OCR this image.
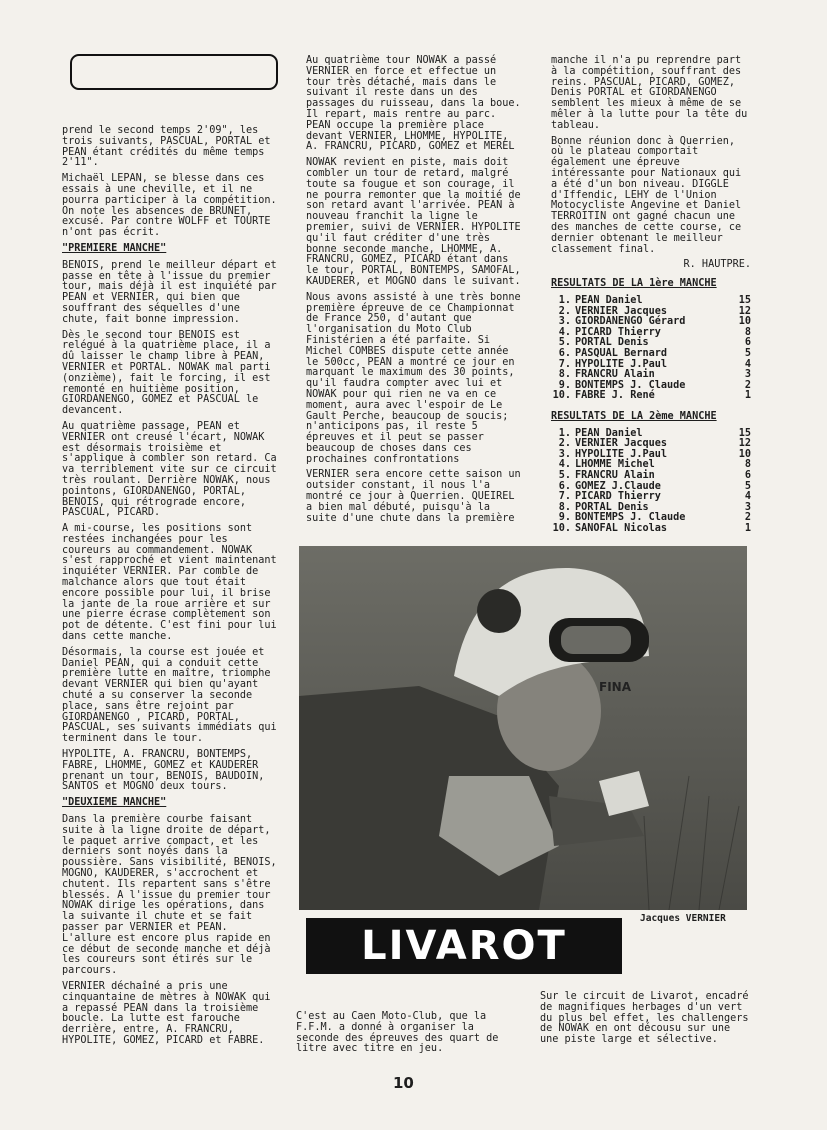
prend le second temps 2'09", les trois suivants, PASCUAL, PORTAL et PEAN étant crédités du même temps 2'11".

Michaël LEPAN, se blesse dans ces essais à une cheville, et il ne pourra participer à la compétition. On note les absences de BRUNET, excusé. Par contre WOLFF et TOURTE n'ont pas écrit.

"PREMIERE MANCHE"

BENOIS, prend le meilleur départ et passe en tête à l'issue du premier tour, mais déjà il est inquiété par PEAN et VERNIER, qui bien que souffrant des séquelles d'une chute, fait bonne impression.

Dès le second tour BENOIS est relégué à la quatrième place, il a dû laisser le champ libre à PEAN, VERNIER et PORTAL. NOWAK mal parti (onzième), fait le forcing, il est remonté en huitième position, GIORDANENGO, GOMEZ et PASCUAL le devancent.

Au quatrième passage, PEAN et VERNIER ont creusé l'écart, NOWAK est désormais troisième et s'applique à combler son retard. Ca va terriblement vite sur ce circuit très roulant. Derrière NOWAK, nous pointons, GIORDANENGO, PORTAL, BENOIS, qui rétrograde encore, PASCUAL, PICARD.

A mi-course, les positions sont restées inchangées pour les coureurs au commandement. NOWAK s'est rapproché et vient maintenant inquiéter VERNIER. Par comble de malchance alors que tout était encore possible pour lui, il brise la jante de la roue arrière et sur une pierre écrase complètement son pot de détente. C'est fini pour lui dans cette manche.

Désormais, la course est jouée et Daniel PEAN, qui a conduit cette première lutte en maître, triomphe devant VERNIER qui bien qu'ayant chuté a su conserver la seconde place, sans être rejoint par GIORDANENGO , PICARD, PORTAL, PASCUAL, ses suivants immédiats qui terminent dans le tour.

HYPOLITE, A. FRANCRU, BONTEMPS, FABRE, LHOMME, GOMEZ et KAUDERER prenant un tour, BENOIS, BAUDOIN, SANTOS et MOGNO deux tours.

"DEUXIEME MANCHE"

Dans la première courbe faisant suite à la ligne droite de départ, le paquet arrive compact, et les derniers sont noyés dans la poussière. Sans visibilité, BENOIS, MOGNO, KAUDERER, s'accrochent et chutent. Ils repartent sans s'être blessés. A l'issue du premier tour NOWAK dirige les opérations, dans la suivante il chute et se fait passer par VERNIER et PEAN. L'allure est encore plus rapide en ce début de seconde manche et déjà les coureurs sont étirés sur le parcours.

VERNIER déchaîné a pris une cinquantaine de mètres à NOWAK qui a repassé PEAN dans la troisième boucle. La lutte est farouche derrière, entre, A. FRANCRU, HYPOLITE, GOMEZ, PICARD et FABRE.

Au quatrième tour NOWAK a passé VERNIER en force et effectue un tour très détaché, mais dans le suivant il reste dans un des passages du ruisseau, dans la boue. Il repart, mais rentre au parc. PEAN occupe la première place devant VERNIER, LHOMME, HYPOLITE, A. FRANCRU, PICARD, GOMEZ et MEREL

NOWAK revient en piste, mais doit combler un tour de retard, malgré toute sa fougue et son courage, il ne pourra remonter que la moitié de son retard avant l'arrivée. PEAN à nouveau franchit la ligne le premier, suivi de VERNIER. HYPOLITE qu'il faut créditer d'une très bonne seconde manche, LHOMME, A. FRANCRU, GOMEZ, PICARD étant dans le tour, PORTAL, BONTEMPS, SAMOFAL, KAUDERER, et MOGNO dans le suivant.

Nous avons assisté à une très bonne première épreuve de ce Championnat de France 250, d'autant que l'organisation du Moto Club Finistérien a été parfaite. Si Michel COMBES dispute cette année le 500cc, PEAN a montré ce jour en marquant le maximum des 30 points, qu'il faudra compter avec lui et NOWAK pour qui rien ne va en ce moment, aura avec l'espoir de Le Gault Perche, beaucoup de soucis; n'anticipons pas, il reste 5 épreuves et il peut se passer beaucoup de choses dans ces prochaines confrontations

VERNIER sera encore cette saison un outsider constant, il nous l'a montré ce jour à Querrien. QUEIREL a bien mal débuté, puisqu'à la suite d'une chute dans la première

manche il n'a pu reprendre part à la compétition, souffrant des reins. PASCUAL, PICARD, GOMEZ, Denis PORTAL et GIORDANENGO semblent les mieux à même de se mêler à la lutte pour la tête du tableau.

Bonne réunion donc à Querrien, où le plateau comportait également une épreuve intéressante pour Nationaux qui a été d'un bon niveau. DIGGLE d'Iffendic, LEHY de l'Union Motocycliste Angevine et Daniel TERROITIN ont gagné chacun une des manches de cette course, ce dernier obtenant le meilleur classement final.

R. HAUTPRE.

RESULTATS DE LA 1ère MANCHE
1. PEAN Daniel	15
2. VERNIER Jacques	12
3. GIORDANENGO Gérard	10
4. PICARD Thierry	8
5. PORTAL Denis	6
6. PASQUAL Bernard	5
7. HYPOLITE J.Paul	4
8. FRANCRU Alain	3
9. BONTEMPS J. Claude	2
10. FABRE J. René	1
RESULTATS DE LA 2ème MANCHE
1. PEAN Daniel	15
2. VERNIER Jacques	12
3. HYPOLITE J.Paul	10
4. LHOMME Michel	8
5. FRANCRU Alain	6
6. GOMEZ J.Claude	5
7. PICARD Thierry	4
8. PORTAL Denis	3
9. BONTEMPS J. Claude	2
10. SANOFAL Nicolas	1
FINA
Jacques VERNIER
LIVAROT

C'est au Caen Moto-Club, que la F.F.M. a donné à organiser la seconde des épreuves des quart de litre avec titre en jeu.

Sur le circuit de Livarot, encadré de magnifiques herbages d'un vert du plus bel effet, les challengers de NOWAK en ont décousu sur une une piste large et sélective.

10
